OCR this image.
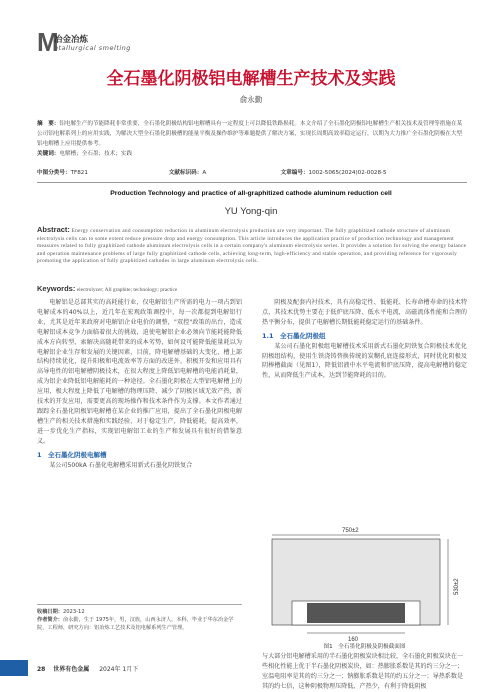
M
冶金冶炼
etallurgical smelting
全石墨化阴极铝电解槽生产技术及实践
俞永勤
摘　要：铝电解生产的节能降耗非常重要，全石墨化阴极结构铝电解槽具有一定程度上可以降低铁路损耗。本文介绍了全石墨化阴极铝电解槽生产相关技术及管理等措施在某公司铝电解系列上的应用实践，为解决大型全石墨化阴极槽的能量平衡及操作维护等难题提供了解决方案，实现长周期高效率稳定运行，以期为大力推广全石墨化阴极在大型铝电解槽上应用提供参考。
关键词：电解槽；全石墨；技术；实践
中图分类号：TF821	文献标识码：A	文章编号：1002-5065(2024)02-0028-5
Production Technology and practice of all-graphitized cathode aluminum reduction cell
YU Yong-qin
Abstract: Energy conservation and consumption reduction in aluminum electrolysis production are very important. The fully graphitized cathode structure of aluminum electrolysis cells can to some extent reduce pressure drop and energy consumption. This article introduces the application practice of production technology and management measures related to fully graphitized cathode aluminum electrolysis cells in a certain company's aluminum electrolysis series. It provides a solution for solving the energy balance and operation maintenance problems of large fully graphitized cathode cells, achieving long-term, high-efficiency and stable operation, and providing reference for vigorously promoting the application of fully graphitized cathodes in large aluminum electrolysis cells.
Keywords: electrolyzer; All graphite; technology; practice

电解铝是总部其实的高耗能行业，仅电解铝生产所需的电力一项占到铝电解成本的40%以上，近几年在宏观政策调控中，每一次都提到电解铝行业，尤其是近年来政府对电解铝企业电价的调整，"双控"政策的出台，造成电解铝成本竞争力面临着很大的挑战，迫使电解铝企业必须向节能耗能降低成本方向转型，索解决高随耗带来的成本劣势，如何设可能降低能量耗以为电解铝企业生存和发展的关键因素，目前，降电解槽基础的大变化，槽上部结构持续优化，提升阳极和电流效率等方面的改进外，积极开发和应用具有高导电性的铝电解槽阴极技术，在很大程度上降低铝电解槽的电能消耗量，成为铝企业降低铝电解能耗的一种途径。全石墨化阴极在大型铝电解槽上的应用，极大程度上降低了电解槽的物理压降，减少了阴极区域无效产热，新技术的开发应用，需要更高的现场操作和技术条件作为支撑。本文作者通过跟踪全石墨化阴极铝电解槽在某企业的推广应用，提出了全石墨化阴极电解槽生产的相关技术措施和实践经验，对于稳定生产，降低能耗，提高效率，进一步优化生产指标，实现铝电解铝工业的生产和发展具有很好的借鉴意义。

1　全石墨化阴极电解槽

某公司500kA 石墨化电解槽采用新式石墨化阴铁复合

阴极及配套内衬技术，具有高稳定性、低能耗、长寿命槽寿命的技术特点，其技术优势主要在于低炉底压降、低水平电流，高磁流体性能和合理的热平衡分布，提供了电解槽长期低能耗稳定运行的基础条件。

1.1　全石墨化阴极组

某公司石墨化阴极组电解槽技术采用新式石墨化阴铁复合阴极技术优化阴极组结构，使用生铁浇铸替换传统的炭糊孔底连接形式，同时优化阴极及阴棒槽截面（见图1），降低铝液中水平电流和炉底压降，提高电解槽的稳定性，从而降低生产成本，达到节能降耗的目的。

750±2
160
530±2
图1　全石墨化阴极及阴极截面图
与大部分铝电解槽采用的半石墨化阴极炭块相比较，全石墨化阴极炭块在一些相化性能上优于半石墨化阴极炭块，如：热膨胀系数是其的约三分之一；室温电阻率是其的约三分之一；钠膨胀系数是其的约五分之一；导热系数是其的约七倍，这种阴极物理压降低、产热少，有利于降低阴极
收稿日期：2023-12
作者简介：俞永勤，生于 1975年，男，汉族，山西永济人，本科，毕业于华东冶金学院，工程师，研究方向：铝冶炼工艺技术及铝电解系列生产管理。
28 世界有色金属 2024年 1月下
